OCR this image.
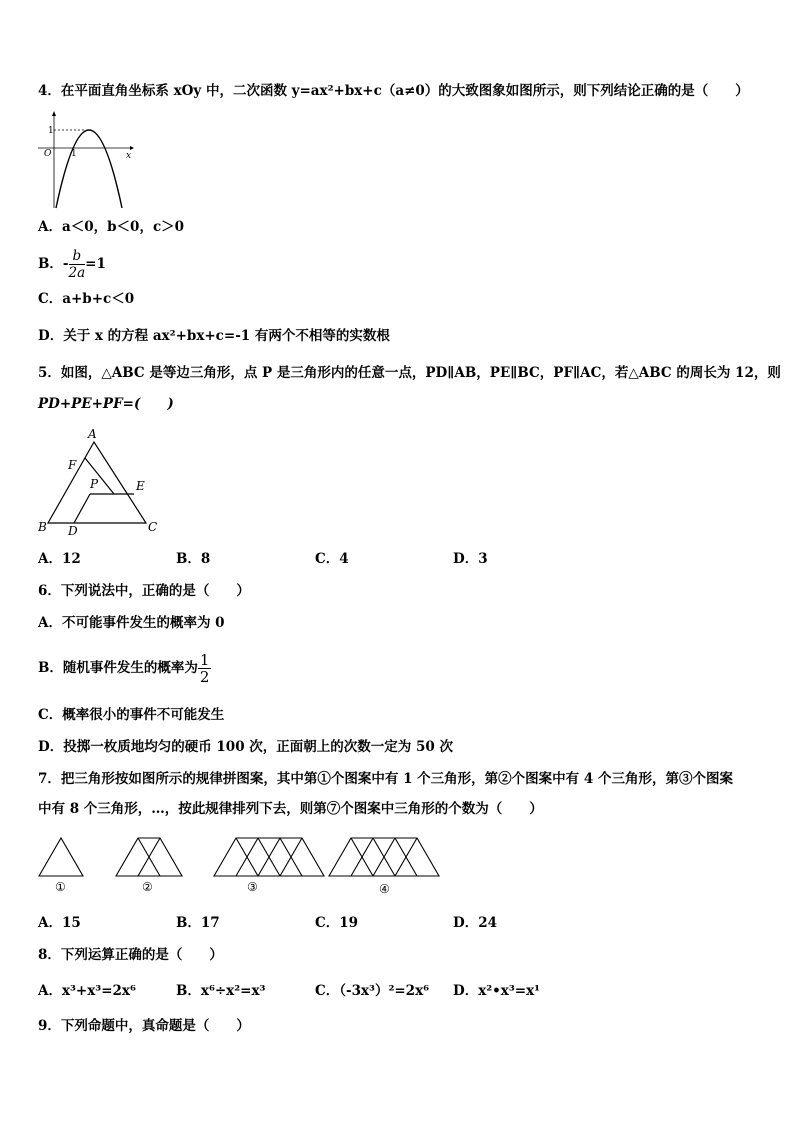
4．在平面直角坐标系 xOy 中，二次函数 y=ax²+bx+c（a≠0）的大致图象如图所示，则下列结论正确的是（　　）
1
1
O	x
A．a＜0，b＜0，c＞0
B．- $\frac{b}{2a} =1$
C．a+b+c＜0
D．关于 x 的方程 ax²+bx+c=-1 有两个不相等的实数根
5．如图，△ABC 是等边三角形，点 P 是三角形内的任意一点，PD∥AB，PE∥BC，PF∥AC，若△ABC 的周长为 12，则
PD+PE+PF=(　　)
A
F
P	E
B D	C
A．12	B．8	C．4	D．3
6．下列说法中，正确的是（　　）
A．不可能事件发生的概率为 0
B．随机事件发生的概率为 $\frac{1}{2}$
C．概率很小的事件不可能发生
D．投掷一枚质地均匀的硬币 100 次，正面朝上的次数一定为 50 次
7．把三角形按如图所示的规律拼图案，其中第①个图案中有 1 个三角形，第②个图案中有 4 个三角形，第③个图案
中有 8 个三角形，…，按此规律排列下去，则第⑦个图案中三角形的个数为（　　）
①	②	③	④
A．15	B．17	C．19	D．24
8．下列运算正确的是（　　）
A．x³+x³=2x⁶	B．x⁶÷x²=x³	C．（-3x³）²=2x⁶ D．x²•x³=x¹
9．下列命题中，真命题是（　　）
